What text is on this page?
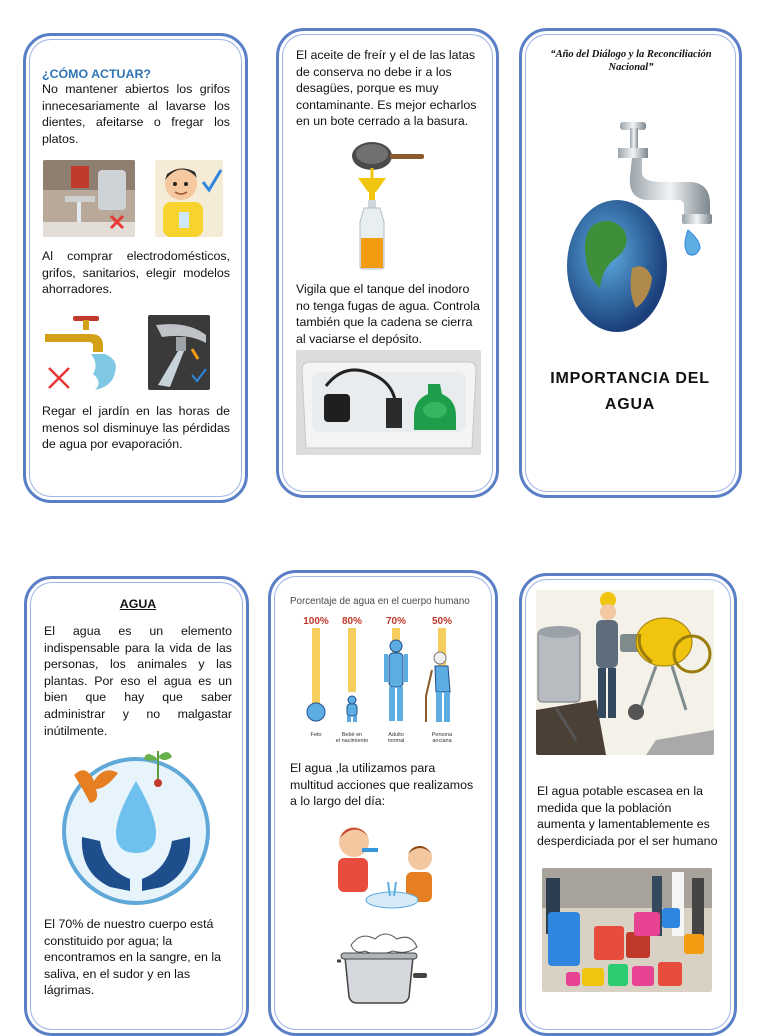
¿CÓMO ACTUAR?

No mantener abiertos los grifos innecesariamente al lavarse los dientes, afeitarse o fregar los platos.

Al comprar electrodomésticos, grifos, sanitarios, elegir modelos ahorradores.

Regar el jardín en las horas de menos sol disminuye las pérdidas de agua por evaporación.

El aceite de freír y el de las latas de conserva no debe ir a los desagües, porque es muy contaminante. Es mejor echarlos en un bote cerrado a la basura.

Vigila que el tanque del inodoro no tenga fugas de agua. Controla también que la cadena se cierra al vaciarse el depósito.

“Año del Diálogo y la Reconciliación Nacional”

IMPORTANCIA DEL

AGUA

AGUA

El agua es un elemento indispensable para la vida de las personas, los animales y las plantas. Por eso el agua es un bien que hay que saber administrar y no malgastar inútilmente.

El 70% de nuestro cuerpo está constituido por agua; la encontramos en la sangre, en la saliva, en el sudor y en las lágrimas.

Porcentaje de agua en el cuerpo humano

100%
Feto
80%
Bebé en el nacimiento
70%
Adulto normal
50%
Persona anciana

El agua ,la utilizamos para multitud acciones que realizamos a lo largo del día:

El agua potable escasea en la medida que la población aumenta y lamentablemente es desperdiciada por el ser humano
